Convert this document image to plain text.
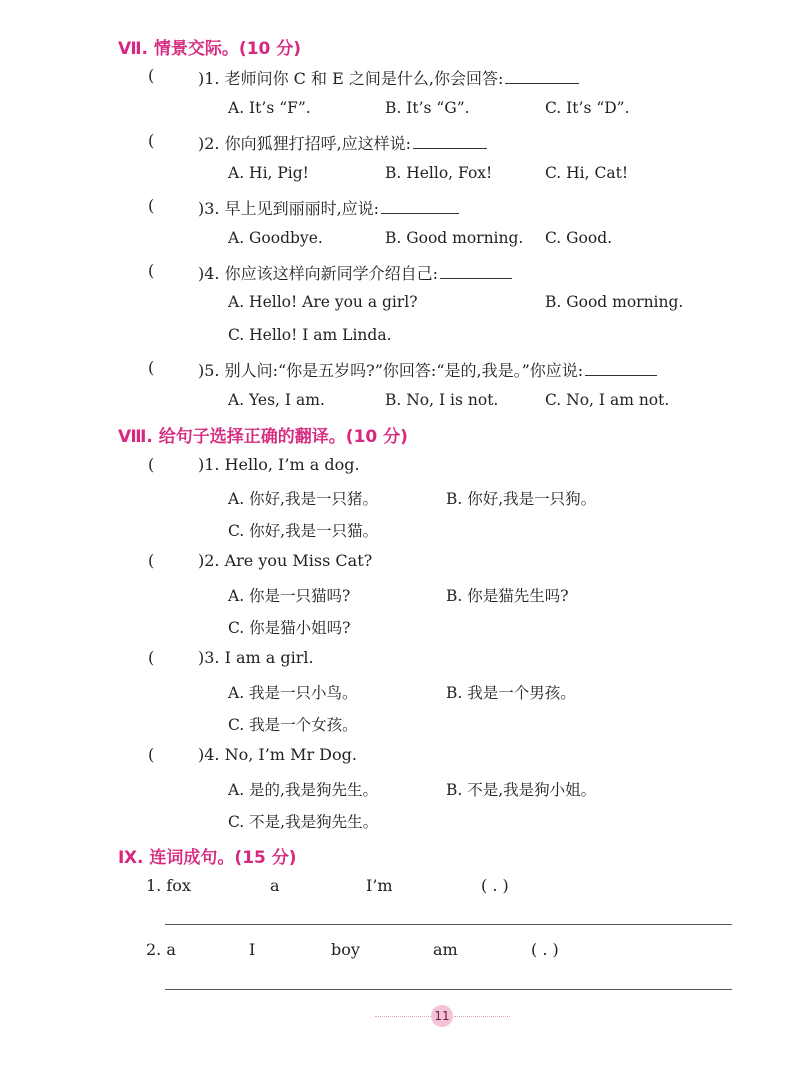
Ⅶ. 情景交际。(10 分)
(	)1. 老师问你 C 和 E 之间是什么,你会回答:
A. It’s “F”.	B. It’s “G”.	C. It’s “D”.
(	)2. 你向狐狸打招呼,应这样说:
A. Hi, Pig!	B. Hello, Fox!	C. Hi, Cat!
(	)3. 早上见到丽丽时,应说:
A. Goodbye.	B. Good morning. C. Good.
(	)4. 你应该这样向新同学介绍自己:
A. Hello! Are you a girl?	B. Good morning.
C. Hello! I am Linda.
(	)5. 别人问:“你是五岁吗?”你回答:“是的,我是。”你应说:
A. Yes, I am.	B. No, I is not.	C. No, I am not.
Ⅷ. 给句子选择正确的翻译。(10 分)
(	)1. Hello, I’m a dog.
A. 你好,我是一只猪。	B. 你好,我是一只狗。
C. 你好,我是一只猫。
(	)2. Are you Miss Cat?
A. 你是一只猫吗?	B. 你是猫先生吗?
C. 你是猫小姐吗?
(	)3. I am a girl.
A. 我是一只小鸟。	B. 我是一个男孩。
C. 我是一个女孩。
(	)4. No, I’m Mr Dog.
A. 是的,我是狗先生。	B. 不是,我是狗小姐。
C. 不是,我是狗先生。
Ⅸ. 连词成句。(15 分)
1. fox	a	I’m	( . )
2. a	I	boy	am	( . )
11
